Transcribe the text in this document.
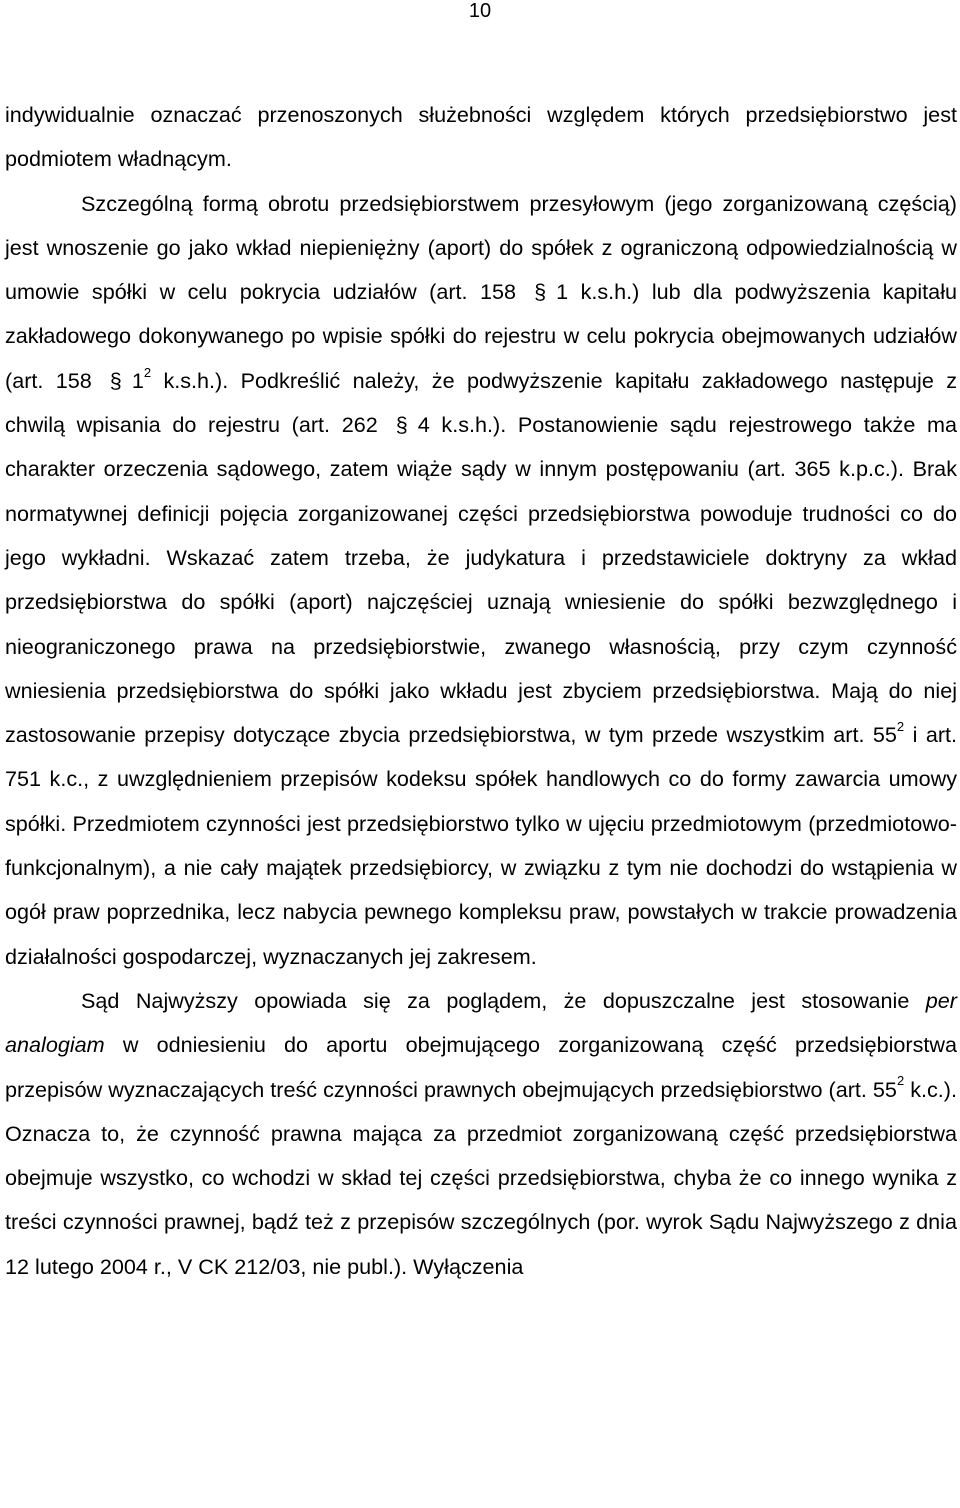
10

indywidualnie oznaczać przenoszonych służebności względem których przedsiębiorstwo jest podmiotem władnącym.

Szczególną formą obrotu przedsiębiorstwem przesyłowym (jego zorganizowaną częścią) jest wnoszenie go jako wkład niepieniężny (aport) do spółek z ograniczoną odpowiedzialnością w umowie spółki w celu pokrycia udziałów (art. 158 § 1 k.s.h.) lub dla podwyższenia kapitału zakładowego dokonywanego po wpisie spółki do rejestru w celu pokrycia obejmowanych udziałów (art. 158 § $1^2$ k.s.h.). Podkreślić należy, że podwyższenie kapitału zakładowego następuje z chwilą wpisania do rejestru (art. 262 § 4 k.s.h.). Postanowienie sądu rejestrowego także ma charakter orzeczenia sądowego, zatem wiąże sądy w innym postępowaniu (art. 365 k.p.c.). Brak normatywnej definicji pojęcia zorganizowanej części przedsiębiorstwa powoduje trudności co do jego wykładni. Wskazać zatem trzeba, że judykatura i przedstawiciele doktryny za wkład przedsiębiorstwa do spółki (aport) najczęściej uznają wniesienie do spółki bezwzględnego i nieograniczonego prawa na przedsiębiorstwie, zwanego własnością, przy czym czynność wniesienia przedsiębiorstwa do spółki jako wkładu jest zbyciem przedsiębiorstwa. Mają do niej zastosowanie przepisy dotyczące zbycia przedsiębiorstwa, w tym przede wszystkim art. $55^2$ i art. 751 k.c., z uwzględnieniem przepisów kodeksu spółek handlowych co do formy zawarcia umowy spółki. Przedmiotem czynności jest przedsiębiorstwo tylko w ujęciu przedmiotowym (przedmiotowo-funkcjonalnym), a nie cały majątek przedsiębiorcy, w związku z tym nie dochodzi do wstąpienia w ogół praw poprzednika, lecz nabycia pewnego kompleksu praw, powstałych w trakcie prowadzenia działalności gospodarczej, wyznaczanych jej zakresem.

Sąd Najwyższy opowiada się za poglądem, że dopuszczalne jest stosowanie per analogiam w odniesieniu do aportu obejmującego zorganizowaną część przedsiębiorstwa przepisów wyznaczających treść czynności prawnych obejmujących przedsiębiorstwo (art. $55^2$ k.c.). Oznacza to, że czynność prawna mająca za przedmiot zorganizowaną część przedsiębiorstwa obejmuje wszystko, co wchodzi w skład tej części przedsiębiorstwa, chyba że co innego wynika z treści czynności prawnej, bądź też z przepisów szczególnych (por. wyrok Sądu Najwyższego z dnia 12 lutego 2004 r., V CK 212/03, nie publ.). Wyłączenia
